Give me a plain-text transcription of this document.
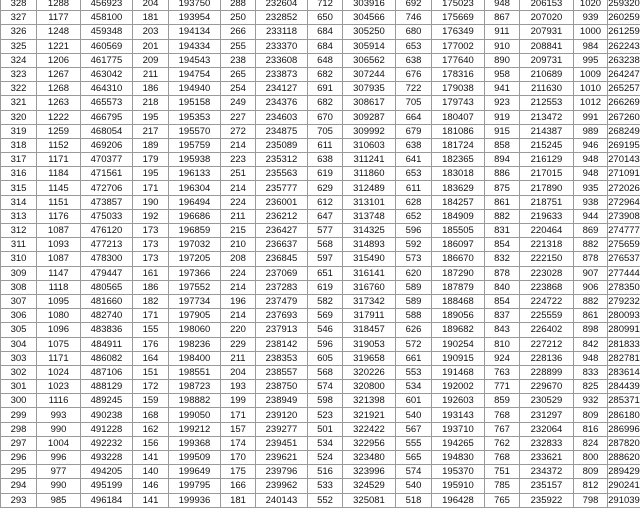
328	1288	456923	204	193750	288	232604	712	303916	692	175023	948	206153	1020	259320
327	1177	458100	181	193954	250	232852	650	304566	746	175669	867	207020	939	260259
326	1248	459348	203	194134	266	233118	684	305250	680	176349	911	207931	1000	261259
325	1221	460569	201	194334	255	233370	684	305914	653	177002	910	208841	984	262243
324	1206	461775	209	194543	238	233608	648	306562	638	177640	890	209731	995	263238
323	1267	463042	211	194754	265	233873	682	307244	676	178316	958	210689	1009	264247
322	1268	464310	186	194940	254	234127	691	307935	722	179038	941	211630	1010	265257
321	1263	465573	218	195158	249	234376	682	308617	705	179743	923	212553	1012	266269
320	1222	466795	195	195353	227	234603	670	309287	664	180407	919	213472	991	267260
319	1259	468054	217	195570	272	234875	705	309992	679	181086	915	214387	989	268249
318	1152	469206	189	195759	214	235089	611	310603	638	181724	858	215245	946	269195
317	1171	470377	179	195938	223	235312	638	311241	641	182365	894	216129	948	270143
316	1184	471561	195	196133	251	235563	619	311860	653	183018	886	217015	948	271091
315	1145	472706	171	196304	214	235777	629	312489	611	183629	875	217890	935	272026
314	1151	473857	190	196494	224	236001	612	313101	628	184257	861	218751	938	272964
313	1176	475033	192	196686	211	236212	647	313748	652	184909	882	219633	944	273908
312	1087	476120	173	196859	215	236427	577	314325	596	185505	831	220464	869	274777
311	1093	477213	173	197032	210	236637	568	314893	592	186097	854	221318	882	275659
310	1087	478300	173	197205	208	236845	597	315490	573	186670	832	222150	878	276537
309	1147	479447	161	197366	224	237069	651	316141	620	187290	878	223028	907	277444
308	1118	480565	186	197552	214	237283	619	316760	589	187879	840	223868	906	278350
307	1095	481660	182	197734	196	237479	582	317342	589	188468	854	224722	882	279232
306	1080	482740	171	197905	214	237693	569	317911	588	189056	837	225559	861	280093
305	1096	483836	155	198060	220	237913	546	318457	626	189682	843	226402	898	280991
304	1075	484911	176	198236	229	238142	596	319053	572	190254	810	227212	842	281833
303	1171	486082	164	198400	211	238353	605	319658	661	190915	924	228136	948	282781
302	1024	487106	151	198551	204	238557	568	320226	553	191468	763	228899	833	283614
301	1023	488129	172	198723	193	238750	574	320800	534	192002	771	229670	825	284439
300	1116	489245	159	198882	199	238949	598	321398	601	192603	859	230529	932	285371
299	993	490238	168	199050	171	239120	523	321921	540	193143	768	231297	809	286180
298	990	491228	162	199212	157	239277	501	322422	567	193710	767	232064	816	286996
297	1004	492232	156	199368	174	239451	534	322956	555	194265	762	232833	824	287820
296	996	493228	141	199509	170	239621	524	323480	565	194830	768	233621	800	288620
295	977	494205	140	199649	175	239796	516	323996	574	195370	751	234372	809	289429
294	990	495199	146	199795	166	239962	533	324529	540	195910	785	235157	812	290241
293	985	496184	141	199936	181	240143	552	325081	518	196428	765	235922	798	291039
